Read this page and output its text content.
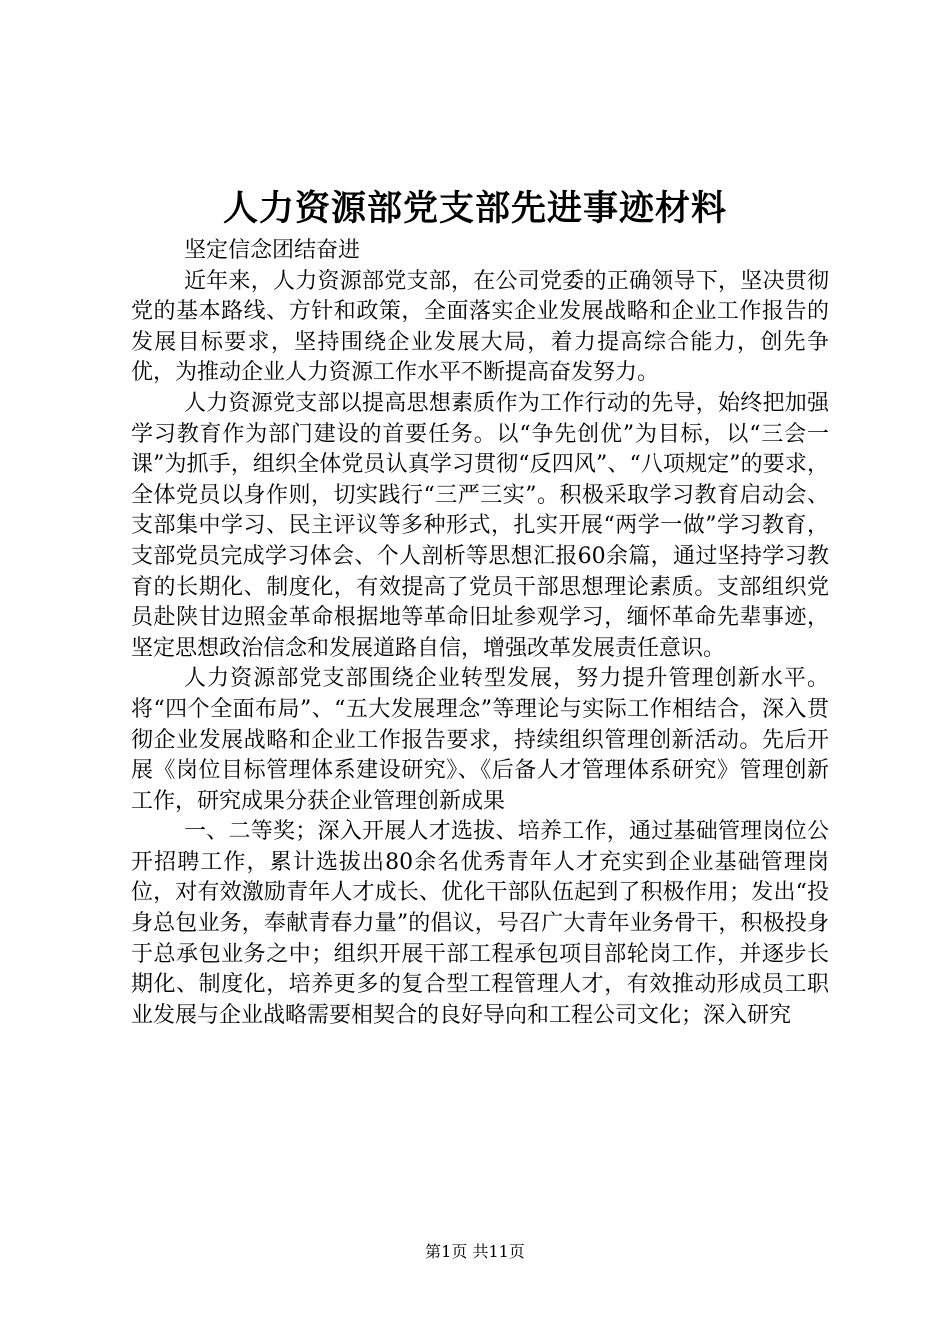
人力资源部党支部先进事迹材料

坚定信念团结奋进

近年来，人力资源部党支部，在公司党委的正确领导下，坚决贯彻党的基本路线、方针和政策，全面落实企业发展战略和企业工作报告的发展目标要求，坚持围绕企业发展大局，着力提高综合能力，创先争优，为推动企业人力资源工作水平不断提高奋发努力。

人力资源党支部以提高思想素质作为工作行动的先导，始终把加强学习教育作为部门建设的首要任务。以“争先创优”为目标，以“三会一课”为抓手，组织全体党员认真学习贯彻“反四风”、“八项规定”的要求，全体党员以身作则，切实践行“三严三实”。积极采取学习教育启动会、支部集中学习、民主评议等多种形式，扎实开展“两学一做”学习教育，支部党员完成学习体会、个人剖析等思想汇报60余篇，通过坚持学习教育的长期化、制度化，有效提高了党员干部思想理论素质。支部组织党员赴陕甘边照金革命根据地等革命旧址参观学习，缅怀革命先辈事迹，坚定思想政治信念和发展道路自信，增强改革发展责任意识。

人力资源部党支部围绕企业转型发展，努力提升管理创新水平。将“四个全面布局”、“五大发展理念”等理论与实际工作相结合，深入贯彻企业发展战略和企业工作报告要求，持续组织管理创新活动。先后开展《岗位目标管理体系建设研究》、《后备人才管理体系研究》管理创新工作，研究成果分获企业管理创新成果

一、二等奖；深入开展人才选拔、培养工作，通过基础管理岗位公开招聘工作，累计选拔出80余名优秀青年人才充实到企业基础管理岗位，对有效激励青年人才成长、优化干部队伍起到了积极作用；发出“投身总包业务，奉献青春力量”的倡议，号召广大青年业务骨干，积极投身于总承包业务之中；组织开展干部工程承包项目部轮岗工作，并逐步长期化、制度化，培养更多的复合型工程管理人才，有效推动形成员工职业发展与企业战略需要相契合的良好导向和工程公司文化；深入研究

第1页 共11页
